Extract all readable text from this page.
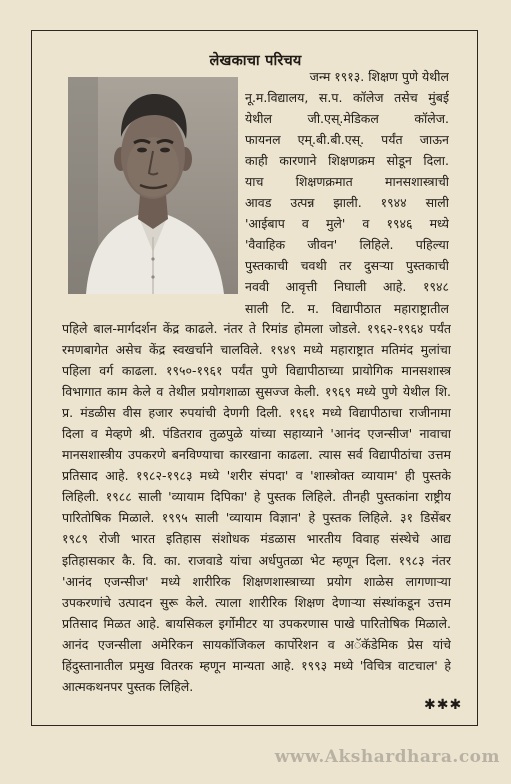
लेखकाचा परिचय
जन्म १९१३. शिक्षण पुणे येथील
नू.म.विद्यालय, स.प. कॉलेज तसेच मुंबई
येथील जी.एस्.मेडिकल कॉलेज.
फायनल एम्.बी.बी.एस्. पर्यंत जाऊन
काही कारणाने शिक्षणक्रम सोडून दिला.
याच शिक्षणक्रमात मानसशास्त्राची
आवड उत्पन्न झाली. १९४४ साली
'आईबाप व मुले' व १९४६ मध्ये
'वैवाहिक जीवन' लिहिले. पहिल्या
पुस्तकाची चवथी तर दुसऱ्या पुस्तकाची
नववी आवृत्ती निघाली आहे. १९४८
साली टि. म. विद्यापीठात महाराष्ट्रातील
पहिले बाल-मार्गदर्शन केंद्र काढले. नंतर ते रिमांड होमला जोडले. १९६२-१९६४ पर्यंत
रमणबागेत असेच केंद्र स्वखर्चाने चालविले. १९४९ मध्ये महाराष्ट्रात मतिमंद मुलांचा
पहिला वर्ग काढला. १९५०-१९६१ पर्यंत पुणे विद्यापीठाच्या प्रायोगिक मानसशास्त्र
विभागात काम केले व तेथील प्रयोगशाळा सुसज्ज केली. १९६९ मध्ये पुणे येथील शि.
प्र. मंडळीस वीस हजार रुपयांची देणगी दिली. १९६१ मध्ये विद्यापीठाचा राजीनामा
दिला व मेव्हणे श्री. पंडितराव तुळपुळे यांच्या सहाय्याने 'आनंद एजन्सीज' नावाचा
मानसशास्त्रीय उपकरणे बनविण्याचा कारखाना काढला. त्यास सर्व विद्यापीठांचा उत्तम
प्रतिसाद आहे. १९८२-१९८३ मध्ये 'शरीर संपदा' व 'शास्त्रोक्त व्यायाम' ही पुस्तके
लिहिली. १९८८ साली 'व्यायाम दिपिका' हे पुस्तक लिहिले. तीनही पुस्तकांना राष्ट्रीय
पारितोषिक मिळाले. १९९५ साली 'व्यायाम विज्ञान' हे पुस्तक लिहिले. ३१ डिसेंबर
१९८९ रोजी भारत इतिहास संशोधक मंडळास भारतीय विवाह संस्थेचे आद्य
इतिहासकार कै. वि. का. राजवाडे यांचा अर्धपुतळा भेट म्हणून दिला. १९८३ नंतर
'आनंद एजन्सीज' मध्ये शारीरिक शिक्षणशास्त्राच्या प्रयोग शाळेस लागणाऱ्या
उपकरणांचे उत्पादन सुरू केले. त्याला शारीरिक शिक्षण देणाऱ्या संस्थांकडून उत्तम
प्रतिसाद मिळत आहे. बायसिकल इर्गोमीटर या उपकरणास पाखे पारितोषिक मिळाले.
आनंद एजन्सीला अमेरिकन सायकॉजिकल कार्पोरेशन व अॅकॅडेमिक प्रेस यांचे
हिंदुस्तानातील प्रमुख वितरक म्हणून मान्यता आहे. १९९३ मध्ये 'विचित्र वाटचाल' हे
आत्मकथनपर पुस्तक लिहिले.
✱✱✱
www.Akshardhara.com
